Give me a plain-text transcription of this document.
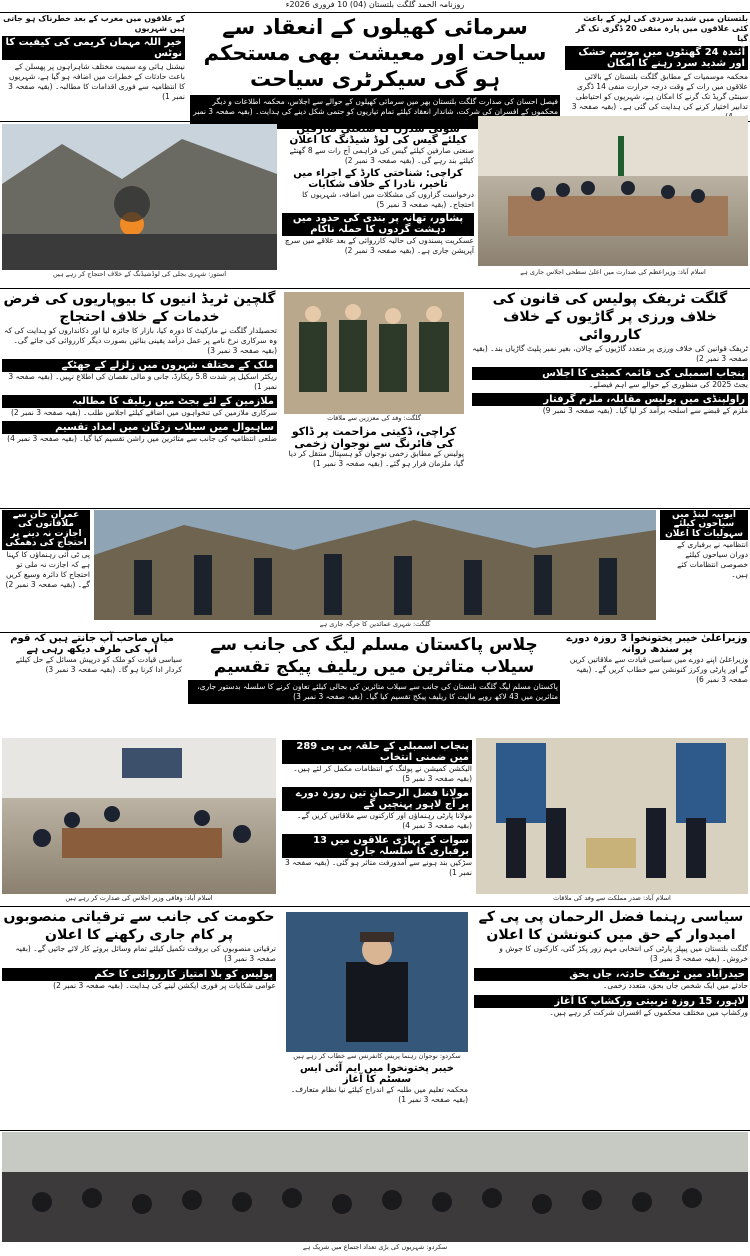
روزنامہ الحمد گلگت بلتستان (04) 10 فروری 2026ء
بلتستان میں شدید سردی کی لہر کے باعث کئی علاقوں میں پارہ منفی 20 ڈگری تک گر گیا
آئندہ 24 گھنٹوں میں موسم خشک اور شدید سرد رہنے کا امکان
محکمہ موسمیات کے مطابق گلگت بلتستان کے بالائی علاقوں میں رات کے وقت درجہ حرارت منفی 14 ڈگری سینٹی گریڈ تک گرنے کا امکان ہے، شہریوں کو احتیاطی تدابیر اختیار کرنے کی ہدایت کی گئی ہے۔ (بقیہ صفحہ 3
سرمائی کھیلوں کے انعقاد سے سیاحت اور معیشت بھی مستحکم ہو گی سیکرٹری سیاحت
فیصل احسان کی صدارت گلگت بلتستان بھر میں سرمائی کھیلوں کے حوالے سے اجلاس، محکمہ اطلاعات و دیگر محکموں کے افسران کی شرکت، شاندار انعقاد کیلئے تمام تیاریوں کو حتمی شکل دینے کی ہدایت۔ (بقیہ صفحہ 3 نمبر
کے علاقوں میں مغرب کے بعد خطرناک ہو جاتی ہیں شہریوں
خیر اللہ مہمان کریمی کی کیفیت کا نوٹس
نیشنل ہائی وے سمیت مختلف شاہراہوں پر پھسلن کے باعث حادثات کے خطرات میں اضافہ ہو گیا ہے، شہریوں کا انتظامیہ سے فوری اقدامات کا مطالبہ۔ (بقیہ صفحہ 3 نمبر 1)
استور: شہری بجلی کی لوڈشیڈنگ کے خلاف احتجاج کر رہے ہیں
سوئی سدرن کا صنعتی صارفین کیلئے گیس کی لوڈ شیڈنگ کا اعلان
صنعتی صارفین کیلئے گیس کی فراہمی آج رات سے 8 گھنٹے کیلئے بند رہے گی۔ (بقیہ صفحہ 3 نمبر 2)
کراچی: شناختی کارڈ کے اجراء میں تاخیر، نادرا کے خلاف شکایات
درخواست گزاروں کی مشکلات میں اضافہ، شہریوں کا احتجاج۔ (بقیہ صفحہ 3 نمبر 5)
پشاور، تھانہ پر بندی کی حدود میں دہشت گردوں کا حملہ ناکام
عسکریت پسندوں کی حالیہ کارروائی کے بعد علاقے میں سرچ آپریشن جاری ہے۔ (بقیہ صفحہ 3 نمبر 2)
اسلام آباد: وزیراعظم کی صدارت میں اعلیٰ سطحی اجلاس جاری ہے
گلچین ٹریڈ انیوں کا بیوپاریوں کی فرض خدمات کے خلاف احتجاج
تحصیلدار گلگت نے مارکیٹ کا دورہ کیا، بازار کا جائزہ لیا اور دکانداروں کو ہدایت کی کہ وہ سرکاری نرخ نامے پر عمل درآمد یقینی بنائیں بصورت دیگر کارروائی کی جائے گی۔ (بقیہ صفحہ 3 نمبر 3)
ملک کے مختلف شہروں میں زلزلے کے جھٹکے
ریکٹر اسکیل پر شدت 5.8 ریکارڈ، جانی و مالی نقصان کی اطلاع نہیں۔ (بقیہ صفحہ 3 نمبر 1)
ملازمین کے لئے بجٹ میں ریلیف کا مطالبہ
سرکاری ملازمین کی تنخواہوں میں اضافے کیلئے اجلاس طلب۔ (بقیہ صفحہ 3 نمبر 2)
ساہیوال میں سیلاب زدگان میں امداد تقسیم
ضلعی انتظامیہ کی جانب سے متاثرین میں راشن تقسیم کیا گیا۔ (بقیہ صفحہ 3 نمبر 4)
گلگت: وفد کی معززین سے ملاقات
کراچی، ڈکیتی مزاحمت پر ڈاکو کی فائرنگ سے نوجوان زخمی
پولیس کے مطابق زخمی نوجوان کو ہسپتال منتقل کر دیا گیا، ملزمان فرار ہو گئے۔ (بقیہ صفحہ 3 نمبر 1)
گلگت ٹریفک پولیس کی قانون کی خلاف ورزی پر گاڑیوں کے خلاف کارروائی
ٹریفک قوانین کی خلاف ورزی پر متعدد گاڑیوں کے چالان، بغیر نمبر پلیٹ گاڑیاں بند۔ (بقیہ صفحہ 3 نمبر 2)
پنجاب اسمبلی کی قائمہ کمیٹی کا اجلاس
بجٹ 2025 کی منظوری کے حوالے سے اہم فیصلے۔
راولپنڈی میں پولیس مقابلہ، ملزم گرفتار
ملزم کے قبضے سے اسلحہ برآمد کر لیا گیا۔ (بقیہ صفحہ 3 نمبر 9)
عمران خان سے ملاقاتوں کی اجازت نہ دینے پر احتجاج کی دھمکی
پی ٹی آئی رہنماؤں کا کہنا ہے کہ اجازت نہ ملی تو احتجاج کا دائرہ وسیع کریں گے۔ (بقیہ صفحہ 3 نمبر 2)
گلگت: شہری عمائدین کا جرگہ جاری ہے
ایوبیہ لینڈ میں سیاحوں کیلئے سہولیات کا اعلان
انتظامیہ نے برفباری کے دوران سیاحوں کیلئے خصوصی انتظامات کئے ہیں۔
میاں صاحب آپ جانتے ہیں کہ قوم آپ کی طرف دیکھ رہی ہے
سیاسی قیادت کو ملک کو درپیش مسائل کے حل کیلئے کردار ادا کرنا ہو گا۔ (بقیہ صفحہ 3 نمبر 3)
چلاس پاکستان مسلم لیگ کی جانب سے سیلاب متاثرین میں ریلیف پیکج تقسیم
پاکستان مسلم لیگ گلگت بلتستان کی جانب سے سیلاب متاثرین کی بحالی کیلئے تعاون کرنے کا سلسلہ بدستور جاری، متاثرین میں 43 لاکھ روپے مالیت کا ریلیف پیکج تقسیم کیا گیا۔ (بقیہ صفحہ 3 نمبر 3)
وزیراعلیٰ خیبر پختونخوا 3 روزہ دورے پر سندھ روانہ
وزیراعلیٰ اپنے دورے میں سیاسی قیادت سے ملاقاتیں کریں گے اور پارٹی ورکرز کنونشن سے خطاب کریں گے۔ (بقیہ صفحہ 3 نمبر 6)
اسلام آباد: وفاقی وزیر اجلاس کی صدارت کر رہے ہیں
پنجاب اسمبلی کے حلقہ پی پی 289 میں ضمنی انتخاب
الیکشن کمیشن نے پولنگ کے انتظامات مکمل کر لئے ہیں۔ (بقیہ صفحہ 3 نمبر 5)
مولانا فضل الرحمان تین روزہ دورے پر آج لاہور پہنچیں گے
مولانا پارٹی رہنماؤں اور کارکنوں سے ملاقاتیں کریں گے۔ (بقیہ صفحہ 3 نمبر 4)
سوات کے پہاڑی علاقوں میں 13 برفباری کا سلسلہ جاری
سڑکیں بند ہونے سے آمدورفت متاثر ہو گئی۔ (بقیہ صفحہ 3 نمبر 1)
اسلام آباد: صدر مملکت سے وفد کی ملاقات
حکومت کی جانب سے ترقیاتی منصوبوں پر کام جاری رکھنے کا اعلان
ترقیاتی منصوبوں کی بروقت تکمیل کیلئے تمام وسائل بروئے کار لائے جائیں گے۔ (بقیہ صفحہ 3 نمبر 3)
پولیس کو بلا امتیاز کارروائی کا حکم
عوامی شکایات پر فوری ایکشن لینے کی ہدایت۔ (بقیہ صفحہ 3 نمبر 2)
سکردو: نوجوان رہنما پریس کانفرنس سے خطاب کر رہے ہیں
خیبر پختونخوا میں ایم آئی ایس سسٹم کا آغاز
محکمہ تعلیم میں طلبہ کے اندراج کیلئے نیا نظام متعارف۔ (بقیہ صفحہ 3 نمبر 1)
سیاسی رہنما فضل الرحمان پی پی کے امیدوار کے حق میں کنونشن کا اعلان
گلگت بلتستان میں پیپلز پارٹی کی انتخابی مہم زور پکڑ گئی، کارکنوں کا جوش و خروش۔ (بقیہ صفحہ 3 نمبر 3)
حیدرآباد میں ٹریفک حادثہ، جاں بحق
حادثے میں ایک شخص جاں بحق، متعدد زخمی۔
لاہور، 15 روزہ تربیتی ورکشاپ کا آغاز
ورکشاپ میں مختلف محکموں کے افسران شرکت کر رہے ہیں۔
سکردو: شہریوں کی بڑی تعداد اجتماع میں شریک ہے
